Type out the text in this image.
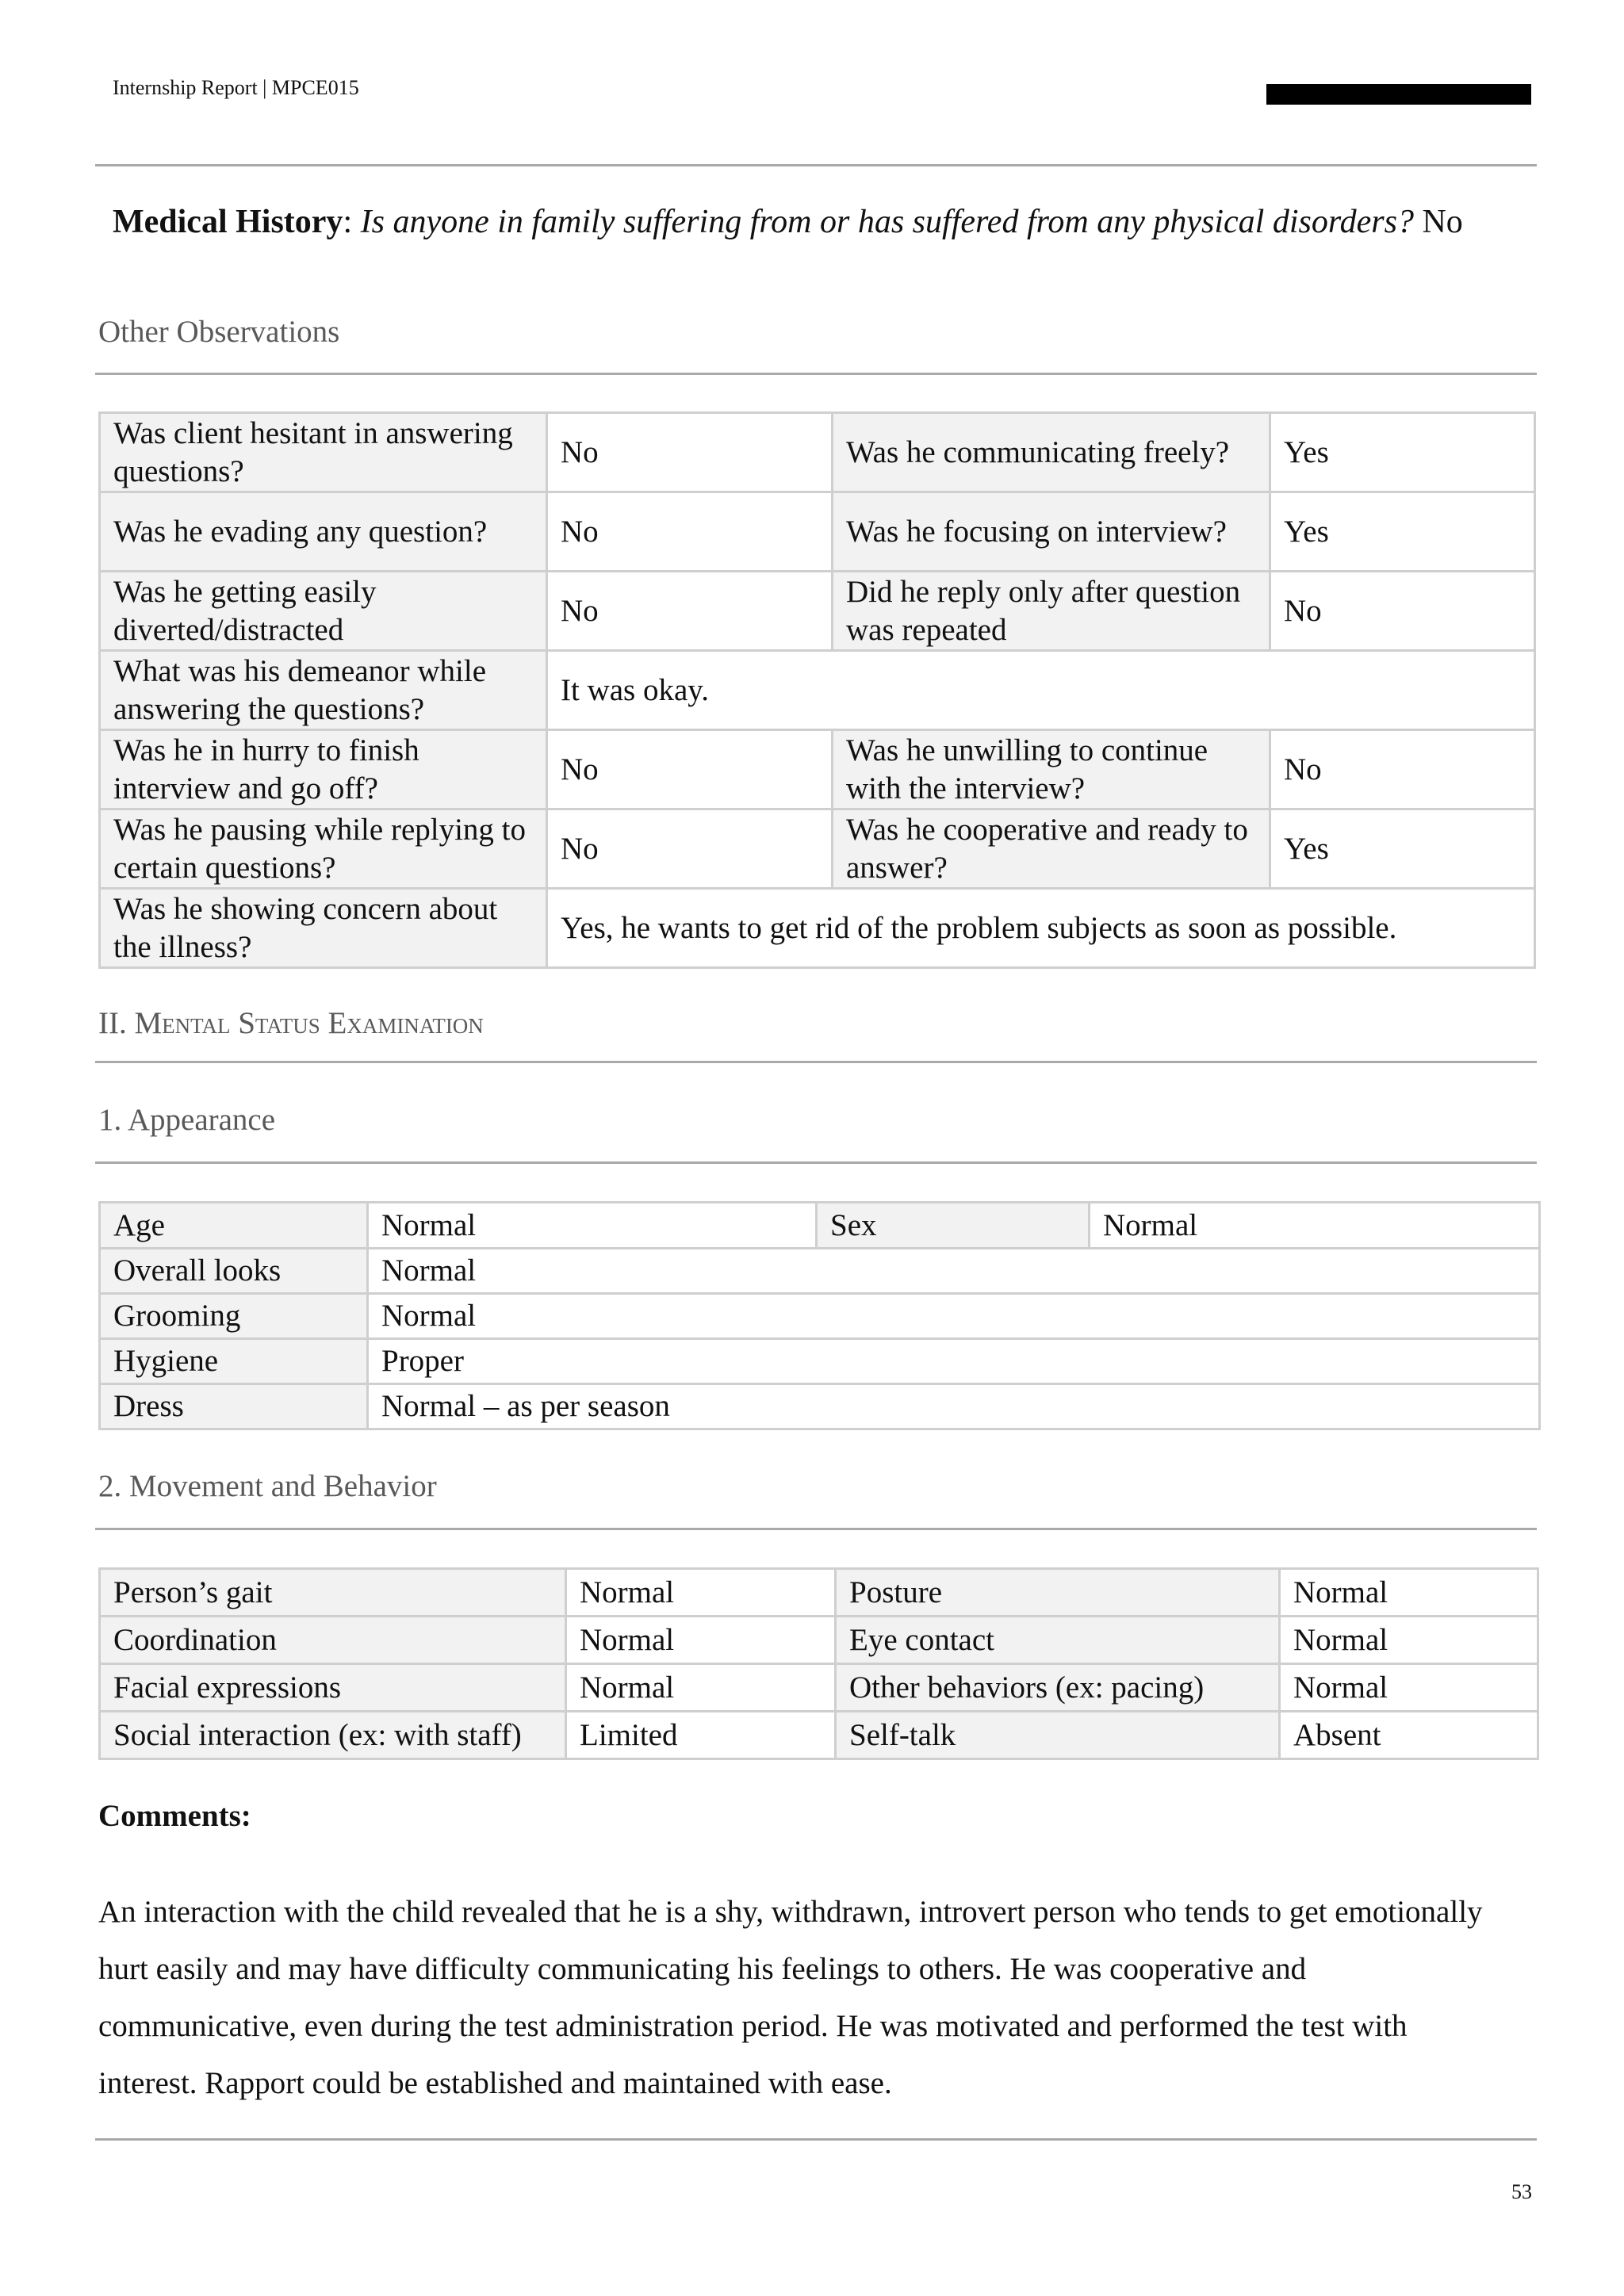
Internship Report | MPCE015
Medical History: Is anyone in family suffering from or has suffered from any physical disorders? No
Other Observations
Was client hesitant in answering questions?	No	Was he communicating freely?	Yes
Was he evading any question?	No	Was he focusing on interview?	Yes
Was he getting easily diverted/distracted	No	Did he reply only after question was repeated	No
What was his demeanor while answering the questions?	It was okay.		
Was he in hurry to finish interview and go off?	No	Was he unwilling to continue with the interview?	No
Was he pausing while replying to certain questions?	No	Was he cooperative and ready to answer?	Yes
Was he showing concern about the illness?	Yes, he wants to get rid of the problem subjects as soon as possible.		
II. Mental Status Examination
1. Appearance
Age	Normal	Sex	Normal
Overall looks	Normal		
Grooming	Normal		
Hygiene	Proper		
Dress	Normal – as per season		
2. Movement and Behavior
Person’s gait	Normal	Posture	Normal
Coordination	Normal	Eye contact	Normal
Facial expressions	Normal	Other behaviors (ex: pacing)	Normal
Social interaction (ex: with staff)	Limited	Self-talk	Absent
Comments:
An interaction with the child revealed that he is a shy, withdrawn, introvert person who tends to get emotionally hurt easily and may have difficulty communicating his feelings to others. He was cooperative and communicative, even during the test administration period. He was motivated and performed the test with interest. Rapport could be established and maintained with ease.
53
